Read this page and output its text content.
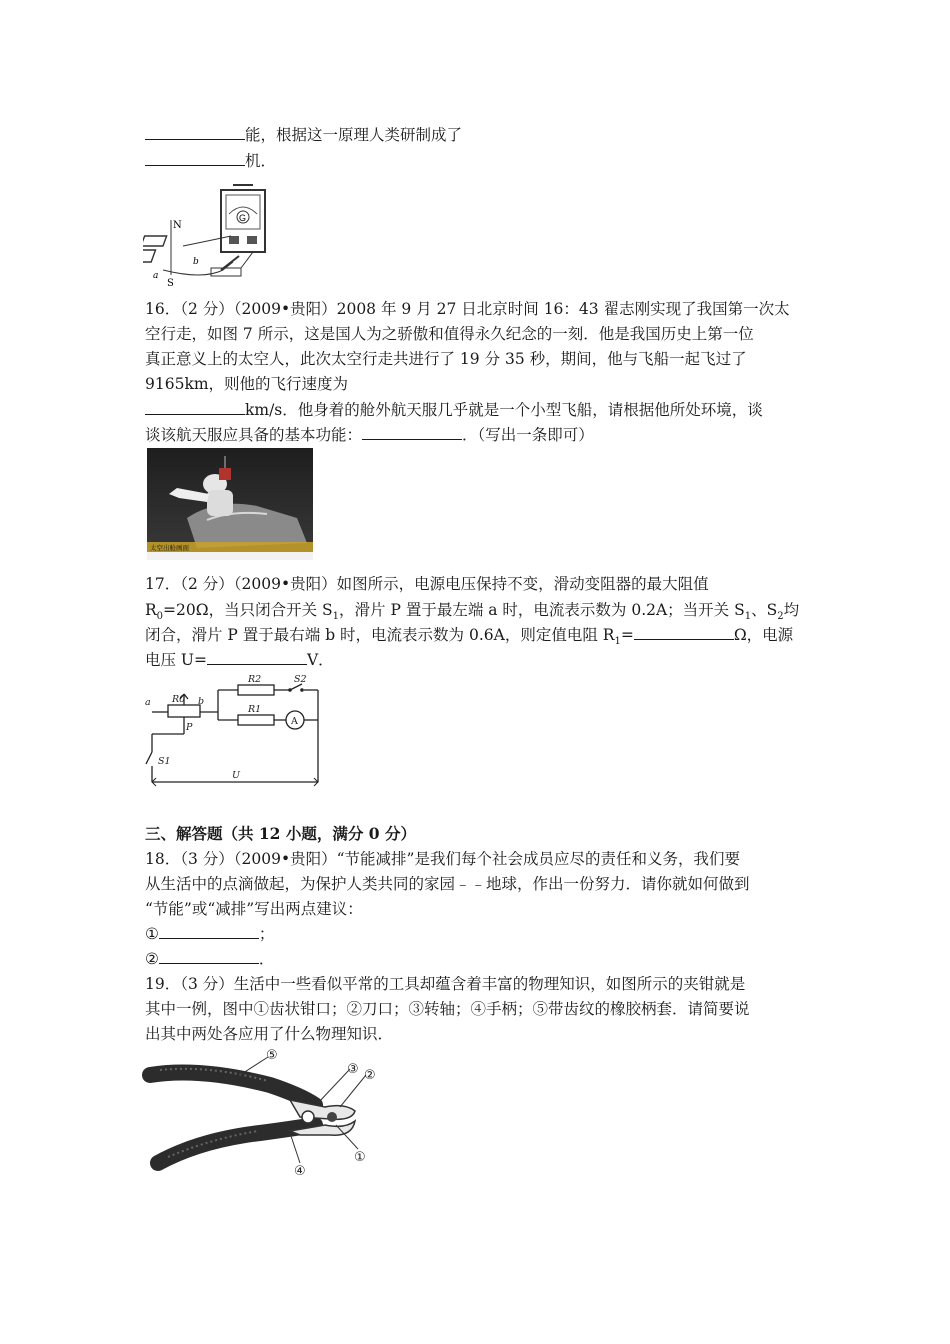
能，根据这一原理人类研制成了
机．
G
N
S
a
b
16．（2 分）（2009•贵阳）2008 年 9 月 27 日北京时间 16：43 翟志刚实现了我国第一次太
空行走，如图 7 所示，这是国人为之骄傲和值得永久纪念的一刻．他是我国历史上第一位
真正意义上的太空人，此次太空行走共进行了 19 分 35 秒，期间，他与飞船一起飞过了
9165km，则他的飞行速度为
km/s．他身着的舱外航天服几乎就是一个小型飞船，请根据他所处环境，谈
谈该航天服应具备的基本功能：	．（写出一条即可）
太空出舱画面
17．（2 分）（2009•贵阳）如图所示，电源电压保持不变，滑动变阻器的最大阻值
$R_0=20\Omega$，当只闭合开关 $S_1$，滑片 P 置于最左端 a 时，电流表示数为 0.2A；当开关 $S_1$、$S_2$均
闭合，滑片 P 置于最右端 b 时，电流表示数为 0.6A，则定值电阻 $R_1=$	Ω，电源
电压 U=	V．
a	b
R0
P
R2	S2
R1
A
S1
U
三、解答题（共 12 小题，满分 0 分）
18．（3 分）（2009•贵阳）“节能减排”是我们每个社会成员应尽的责任和义务，我们要
从生活中的点滴做起，为保护人类共同的家园﹣﹣地球，作出一份努力．请你就如何做到
“节能”或“减排”写出两点建议：
①	；
②	．
19．（3 分）生活中一些看似平常的工具却蕴含着丰富的物理知识，如图所示的夹钳就是
其中一例，图中①齿状钳口；②刀口；③转轴；④手柄；⑤带齿纹的橡胶柄套．请简要说
出其中两处各应用了什么物理知识．
⑤
③ ②
①
④
